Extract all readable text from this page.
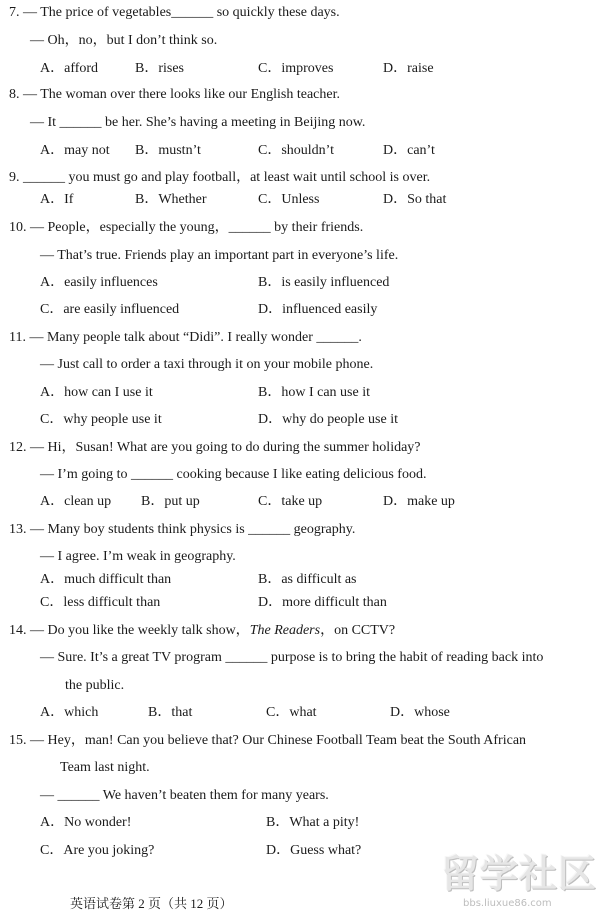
7. — The price of vegetables______ so quickly these days.
— Oh，no，but I don’t think so.
A．afford	B．rises	C．improves	D．raise
8. — The woman over there looks like our English teacher.
— It ______ be her. She’s having a meeting in Beijing now.
A．may not B．mustn’t	C．shouldn’t	D．can’t
9. ______ you must go and play football，at least wait until school is over.
A．If	B．Whether	C．Unless	D．So that
10. — People，especially the young，______ by their friends.
— That’s true. Friends play an important part in everyone’s life.
A．easily influences	B．is easily influenced
C．are easily influenced	D．influenced easily
11. — Many people talk about “Didi”. I really wonder ______.
— Just call to order a taxi through it on your mobile phone.
A．how can I use it	B．how I can use it
C．why people use it	D．why do people use it
12. — Hi，Susan! What are you going to do during the summer holiday?
— I’m going to ______ cooking because I like eating delicious food.
A．clean up B．put up	C．take up	D．make up
13. — Many boy students think physics is ______ geography.
— I agree. I’m weak in geography.
A．much difficult than	B．as difficult as
C．less difficult than	D．more difficult than
14. — Do you like the weekly talk show，The Readers，on CCTV?
— Sure. It’s a great TV program ______ purpose is to bring the habit of reading back into
the public.
A．which	B．that	C．what	D．whose
15. — Hey，man! Can you believe that? Our Chinese Football Team beat the South African
Team last night.
— ______ We haven’t beaten them for many years.
A．No wonder!	B．What a pity!
C．Are you joking?	D．Guess what?
英语试卷第 2 页（共 12 页）
留学社区
bbs.liuxue86.com
